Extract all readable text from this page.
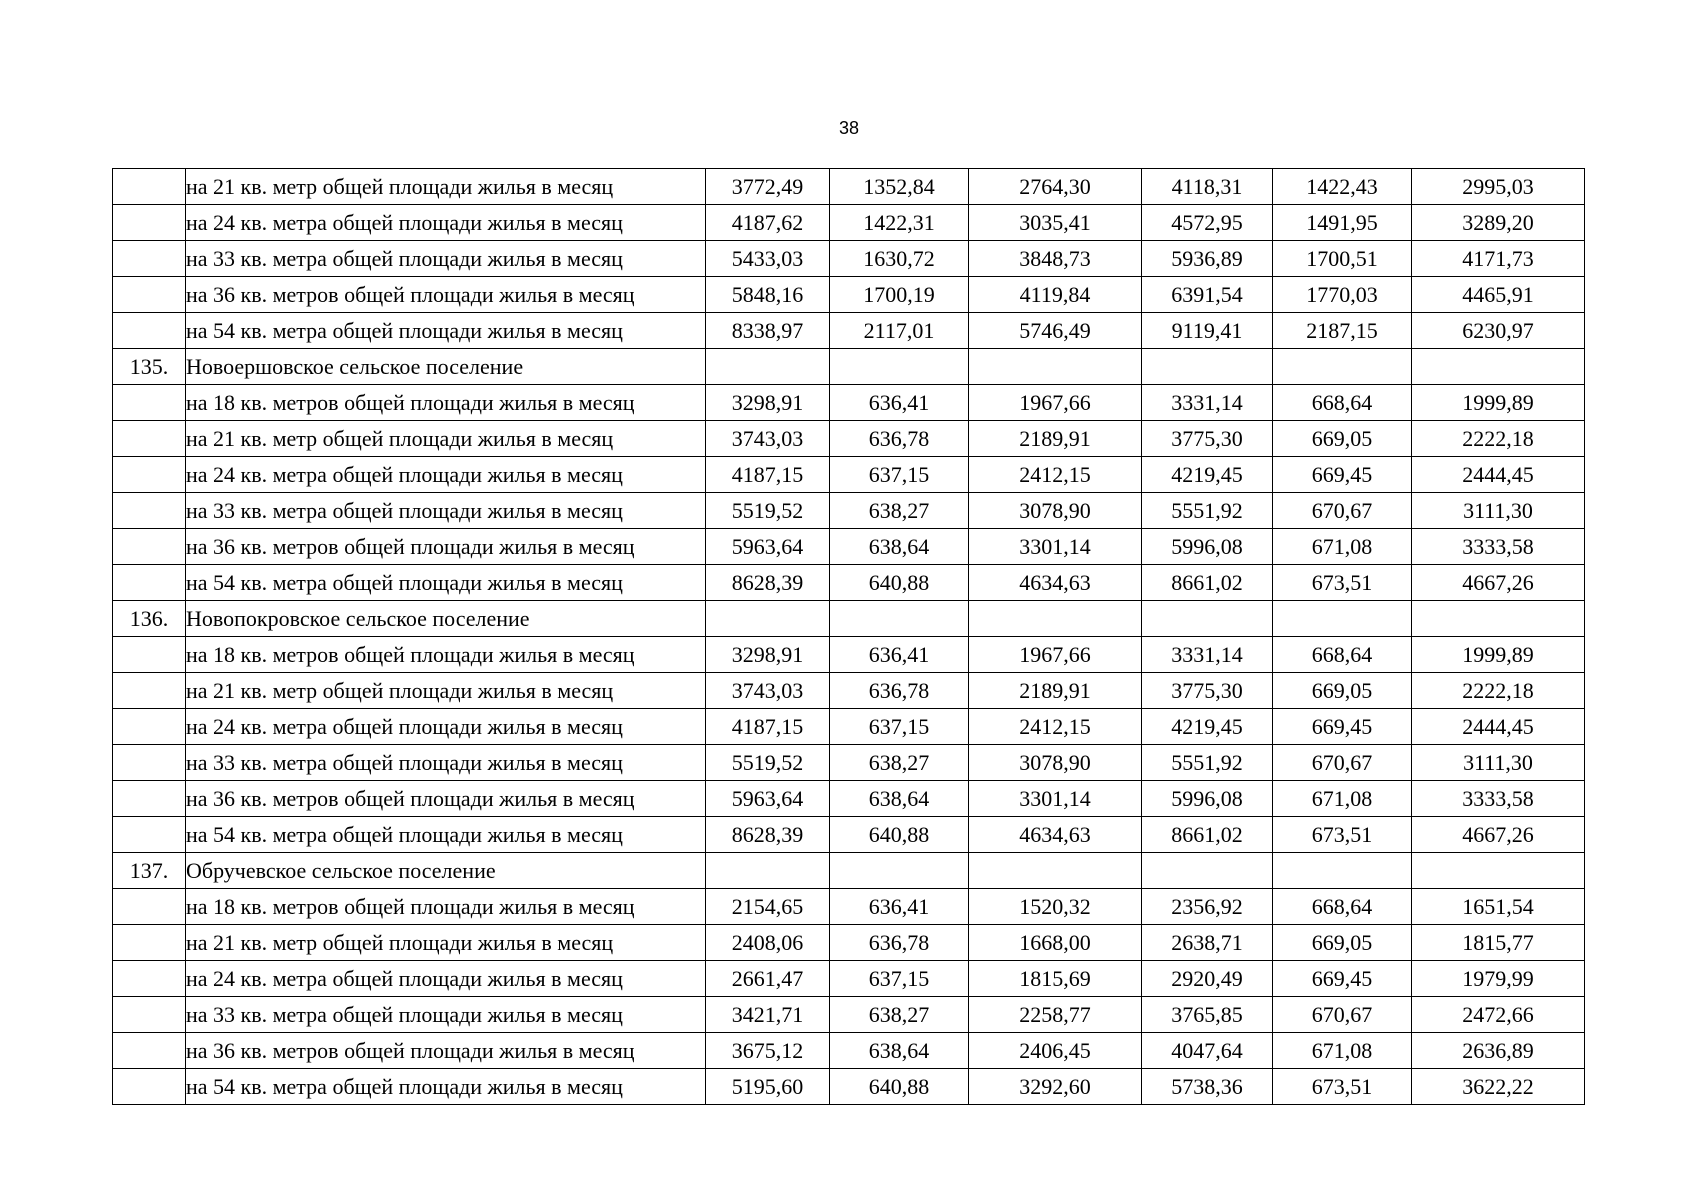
38
	на 21 кв. метр общей площади жилья в месяц	3772,49	1352,84	2764,30	4118,31	1422,43	2995,03
	на 24 кв. метра общей площади жилья в месяц	4187,62	1422,31	3035,41	4572,95	1491,95	3289,20
	на 33 кв. метра общей площади жилья в месяц	5433,03	1630,72	3848,73	5936,89	1700,51	4171,73
	на 36 кв. метров общей площади жилья в месяц	5848,16	1700,19	4119,84	6391,54	1770,03	4465,91
	на 54 кв. метра общей площади жилья в месяц	8338,97	2117,01	5746,49	9119,41	2187,15	6230,97
135.	Новоершовское сельское поселение						
	на 18 кв. метров общей площади жилья в месяц	3298,91	636,41	1967,66	3331,14	668,64	1999,89
	на 21 кв. метр общей площади жилья в месяц	3743,03	636,78	2189,91	3775,30	669,05	2222,18
	на 24 кв. метра общей площади жилья в месяц	4187,15	637,15	2412,15	4219,45	669,45	2444,45
	на 33 кв. метра общей площади жилья в месяц	5519,52	638,27	3078,90	5551,92	670,67	3111,30
	на 36 кв. метров общей площади жилья в месяц	5963,64	638,64	3301,14	5996,08	671,08	3333,58
	на 54 кв. метра общей площади жилья в месяц	8628,39	640,88	4634,63	8661,02	673,51	4667,26
136.	Новопокровское сельское поселение						
	на 18 кв. метров общей площади жилья в месяц	3298,91	636,41	1967,66	3331,14	668,64	1999,89
	на 21 кв. метр общей площади жилья в месяц	3743,03	636,78	2189,91	3775,30	669,05	2222,18
	на 24 кв. метра общей площади жилья в месяц	4187,15	637,15	2412,15	4219,45	669,45	2444,45
	на 33 кв. метра общей площади жилья в месяц	5519,52	638,27	3078,90	5551,92	670,67	3111,30
	на 36 кв. метров общей площади жилья в месяц	5963,64	638,64	3301,14	5996,08	671,08	3333,58
	на 54 кв. метра общей площади жилья в месяц	8628,39	640,88	4634,63	8661,02	673,51	4667,26
137.	Обручевское сельское поселение						
	на 18 кв. метров общей площади жилья в месяц	2154,65	636,41	1520,32	2356,92	668,64	1651,54
	на 21 кв. метр общей площади жилья в месяц	2408,06	636,78	1668,00	2638,71	669,05	1815,77
	на 24 кв. метра общей площади жилья в месяц	2661,47	637,15	1815,69	2920,49	669,45	1979,99
	на 33 кв. метра общей площади жилья в месяц	3421,71	638,27	2258,77	3765,85	670,67	2472,66
	на 36 кв. метров общей площади жилья в месяц	3675,12	638,64	2406,45	4047,64	671,08	2636,89
	на 54 кв. метра общей площади жилья в месяц	5195,60	640,88	3292,60	5738,36	673,51	3622,22
